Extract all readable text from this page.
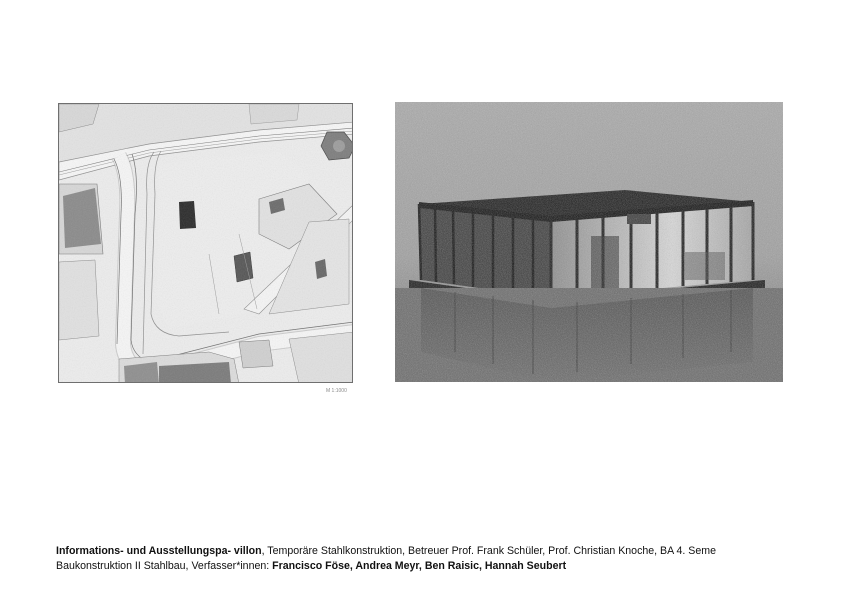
M 1:1000

Informations- und Ausstellungspa- villon, Temporäre Stahlkonstruktion, Betreuer Prof. Frank Schüler, Prof. Christian Knoche, BA 4. Seme

Baukonstruktion II Stahlbau, Verfasser*innen: Francisco Föse, Andrea Meyr, Ben Raisic, Hannah Seubert
